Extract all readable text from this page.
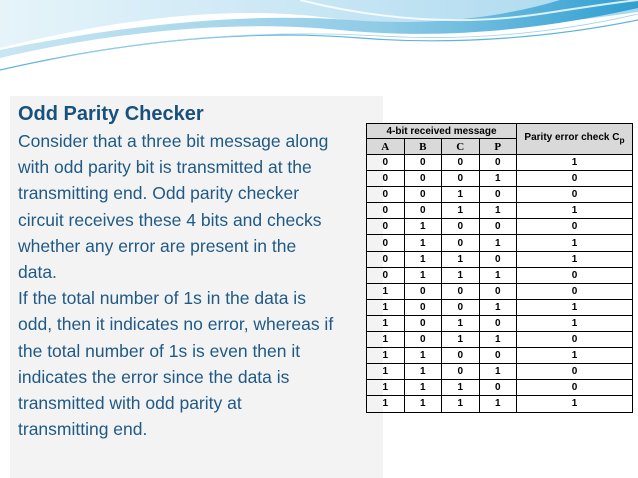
Odd Parity Checker
Consider that a three bit message along
with odd parity bit is transmitted at the
transmitting end. Odd parity checker
circuit receives these 4 bits and checks
whether any error are present in the
data.
If the total number of 1s in the data is
odd, then it indicates no error, whereas if
the total number of 1s is even then it
indicates the error since the data is
transmitted with odd parity at
transmitting end.
4-bit received message				Parity error check $C_p$
A	B	C	P	
0	0	0	0	1
0	0	0	1	0
0	0	1	0	0
0	0	1	1	1
0	1	0	0	0
0	1	0	1	1
0	1	1	0	1
0	1	1	1	0
1	0	0	0	0
1	0	0	1	1
1	0	1	0	1
1	0	1	1	0
1	1	0	0	1
1	1	0	1	0
1	1	1	0	0
1	1	1	1	1
